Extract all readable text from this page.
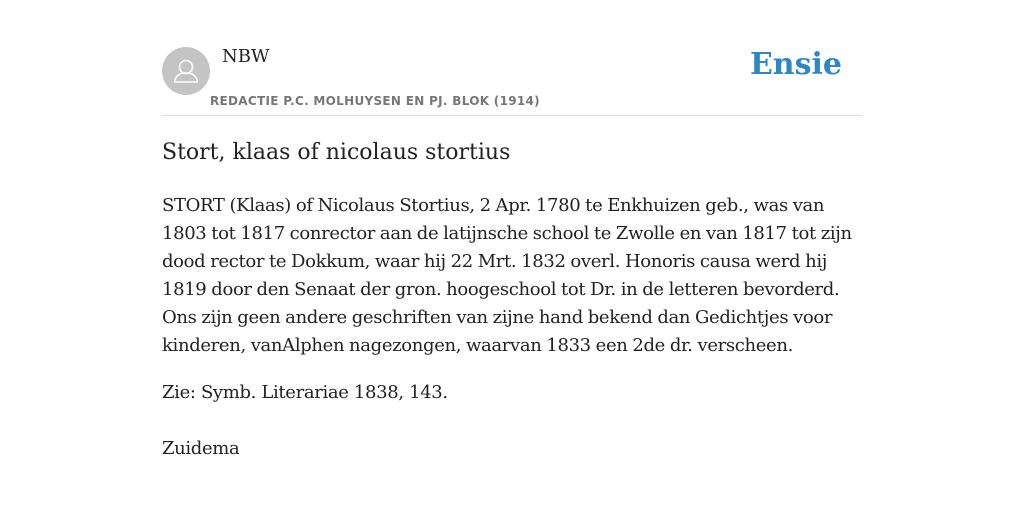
NBW
REDACTIE P.C. MOLHUYSEN EN PJ. BLOK (1914)
Ensie
Stort, klaas of nicolaus stortius

STORT (Klaas) of Nicolaus Stortius, 2 Apr. 1780 te Enkhuizen geb., was van 1803 tot 1817 conrector aan de latijnsche school te Zwolle en van 1817 tot zijn dood rector te Dokkum, waar hij 22 Mrt. 1832 overl. Honoris causa werd hij 1819 door den Senaat der gron. hoogeschool tot Dr. in de letteren bevorderd. Ons zijn geen andere geschriften van zijne hand bekend dan Gedichtjes voor kinderen, vanAlphen nagezongen, waarvan 1833 een 2de dr. verscheen.

Zie: Symb. Literariae 1838, 143.

Zuidema
